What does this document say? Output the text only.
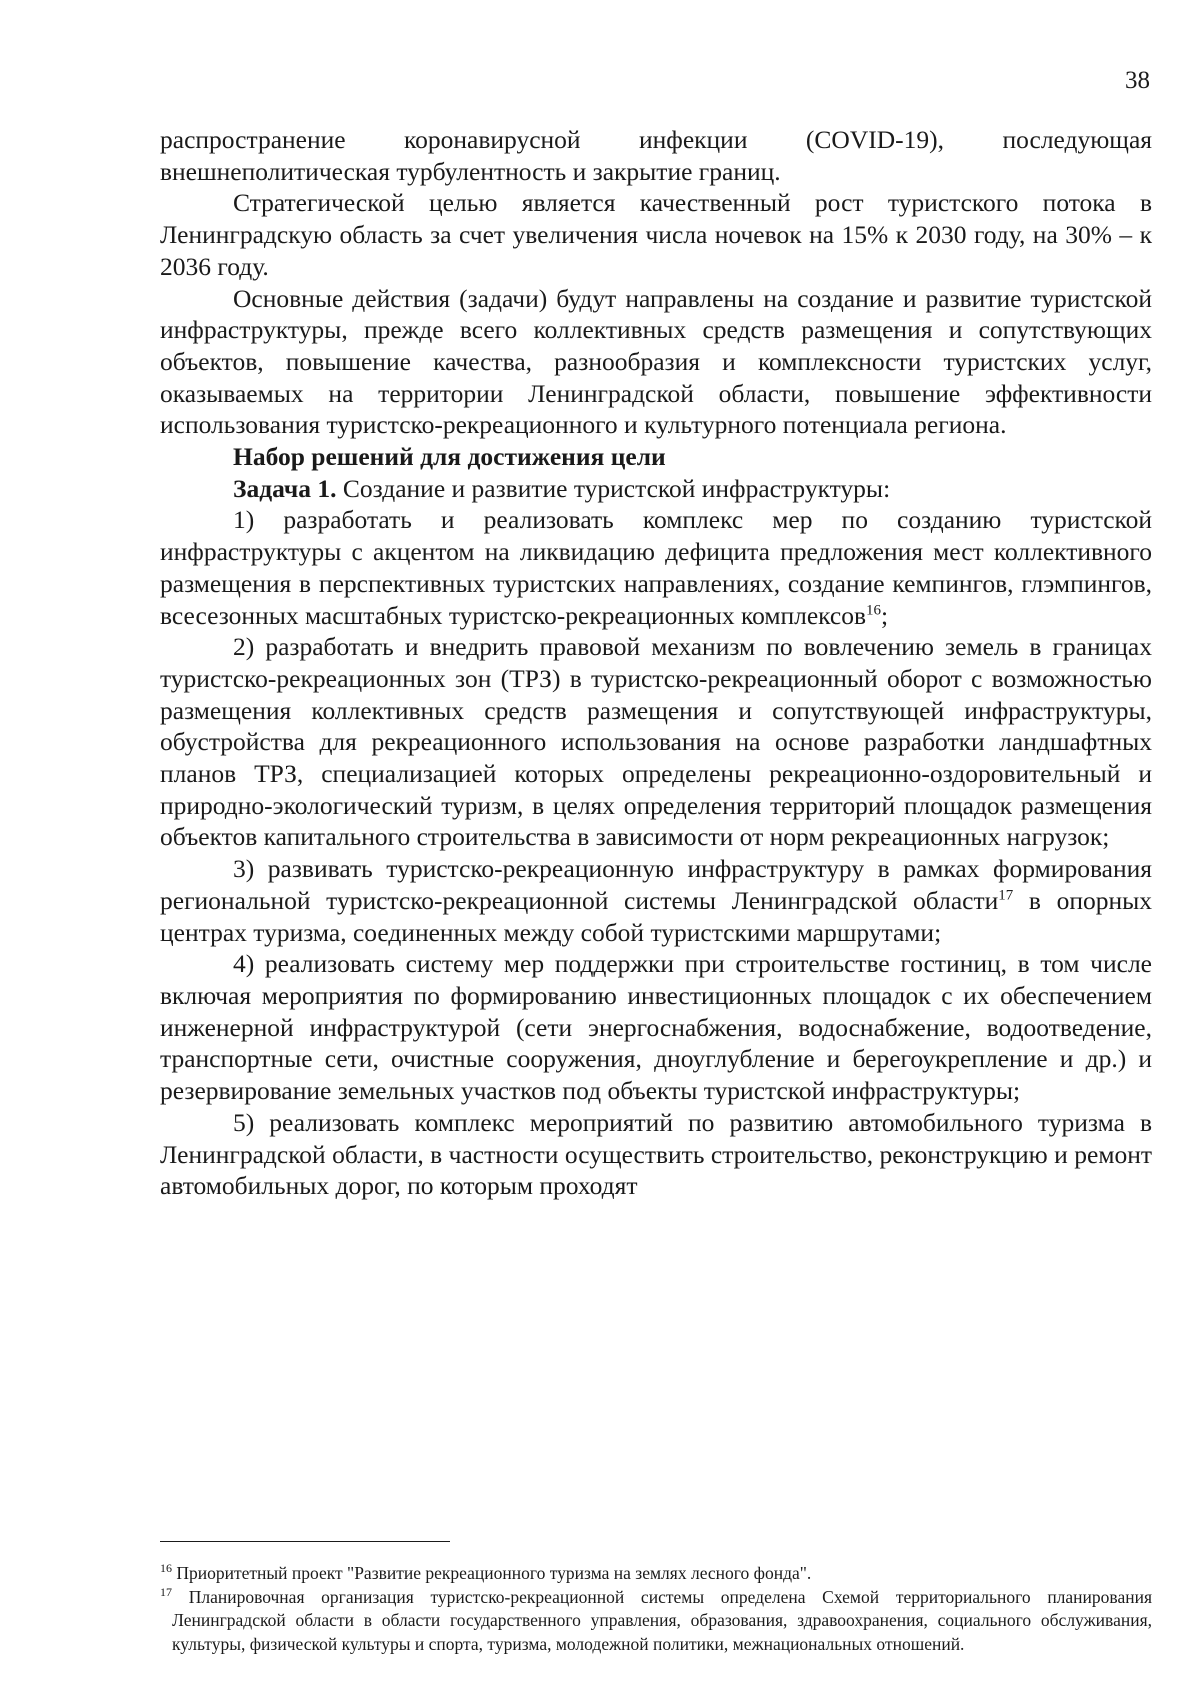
38

распространение коронавирусной инфекции (COVID-19), последующая внешнеполитическая турбулентность и закрытие границ.

Стратегической целью является качественный рост туристского потока в Ленинградскую область за счет увеличения числа ночевок на 15% к 2030 году, на 30% – к 2036 году.

Основные действия (задачи) будут направлены на создание и развитие туристской инфраструктуры, прежде всего коллективных средств размещения и сопутствующих объектов, повышение качества, разнообразия и комплексности туристских услуг, оказываемых на территории Ленинградской области, повышение эффективности использования туристско-рекреационного и культурного потенциала региона.

Набор решений для достижения цели

Задача 1. Создание и развитие туристской инфраструктуры:

1) разработать и реализовать комплекс мер по созданию туристской инфраструктуры с акцентом на ликвидацию дефицита предложения мест коллективного размещения в перспективных туристских направлениях, создание кемпингов, глэмпингов, всесезонных масштабных туристско-рекреационных комплексов$^{16}$;

2) разработать и внедрить правовой механизм по вовлечению земель в границах туристско-рекреационных зон (ТРЗ) в туристско-рекреационный оборот с возможностью размещения коллективных средств размещения и сопутствующей инфраструктуры, обустройства для рекреационного использования на основе разработки ландшафтных планов ТРЗ, специализацией которых определены рекреационно-оздоровительный и природно-экологический туризм, в целях определения территорий площадок размещения объектов капитального строительства в зависимости от норм рекреационных нагрузок;

3) развивать туристско-рекреационную инфраструктуру в рамках формирования региональной туристско-рекреационной системы Ленинградской области$^{17}$ в опорных центрах туризма, соединенных между собой туристскими маршрутами;

4) реализовать систему мер поддержки при строительстве гостиниц, в том числе включая мероприятия по формированию инвестиционных площадок с их обеспечением инженерной инфраструктурой (сети энергоснабжения, водоснабжение, водоотведение, транспортные сети, очистные сооружения, дноуглубление и берегоукрепление и др.) и резервирование земельных участков под объекты туристской инфраструктуры;

5) реализовать комплекс мероприятий по развитию автомобильного туризма в Ленинградской области, в частности осуществить строительство, реконструкцию и ремонт автомобильных дорог, по которым проходят

$^{16}$ Приоритетный проект "Развитие рекреационного туризма на землях лесного фонда".

$^{17}$ Планировочная организация туристско-рекреационной системы определена Схемой территориального планирования Ленинградской области в области государственного управления, образования, здравоохранения, социального обслуживания, культуры, физической культуры и спорта, туризма, молодежной политики, межнациональных отношений.
